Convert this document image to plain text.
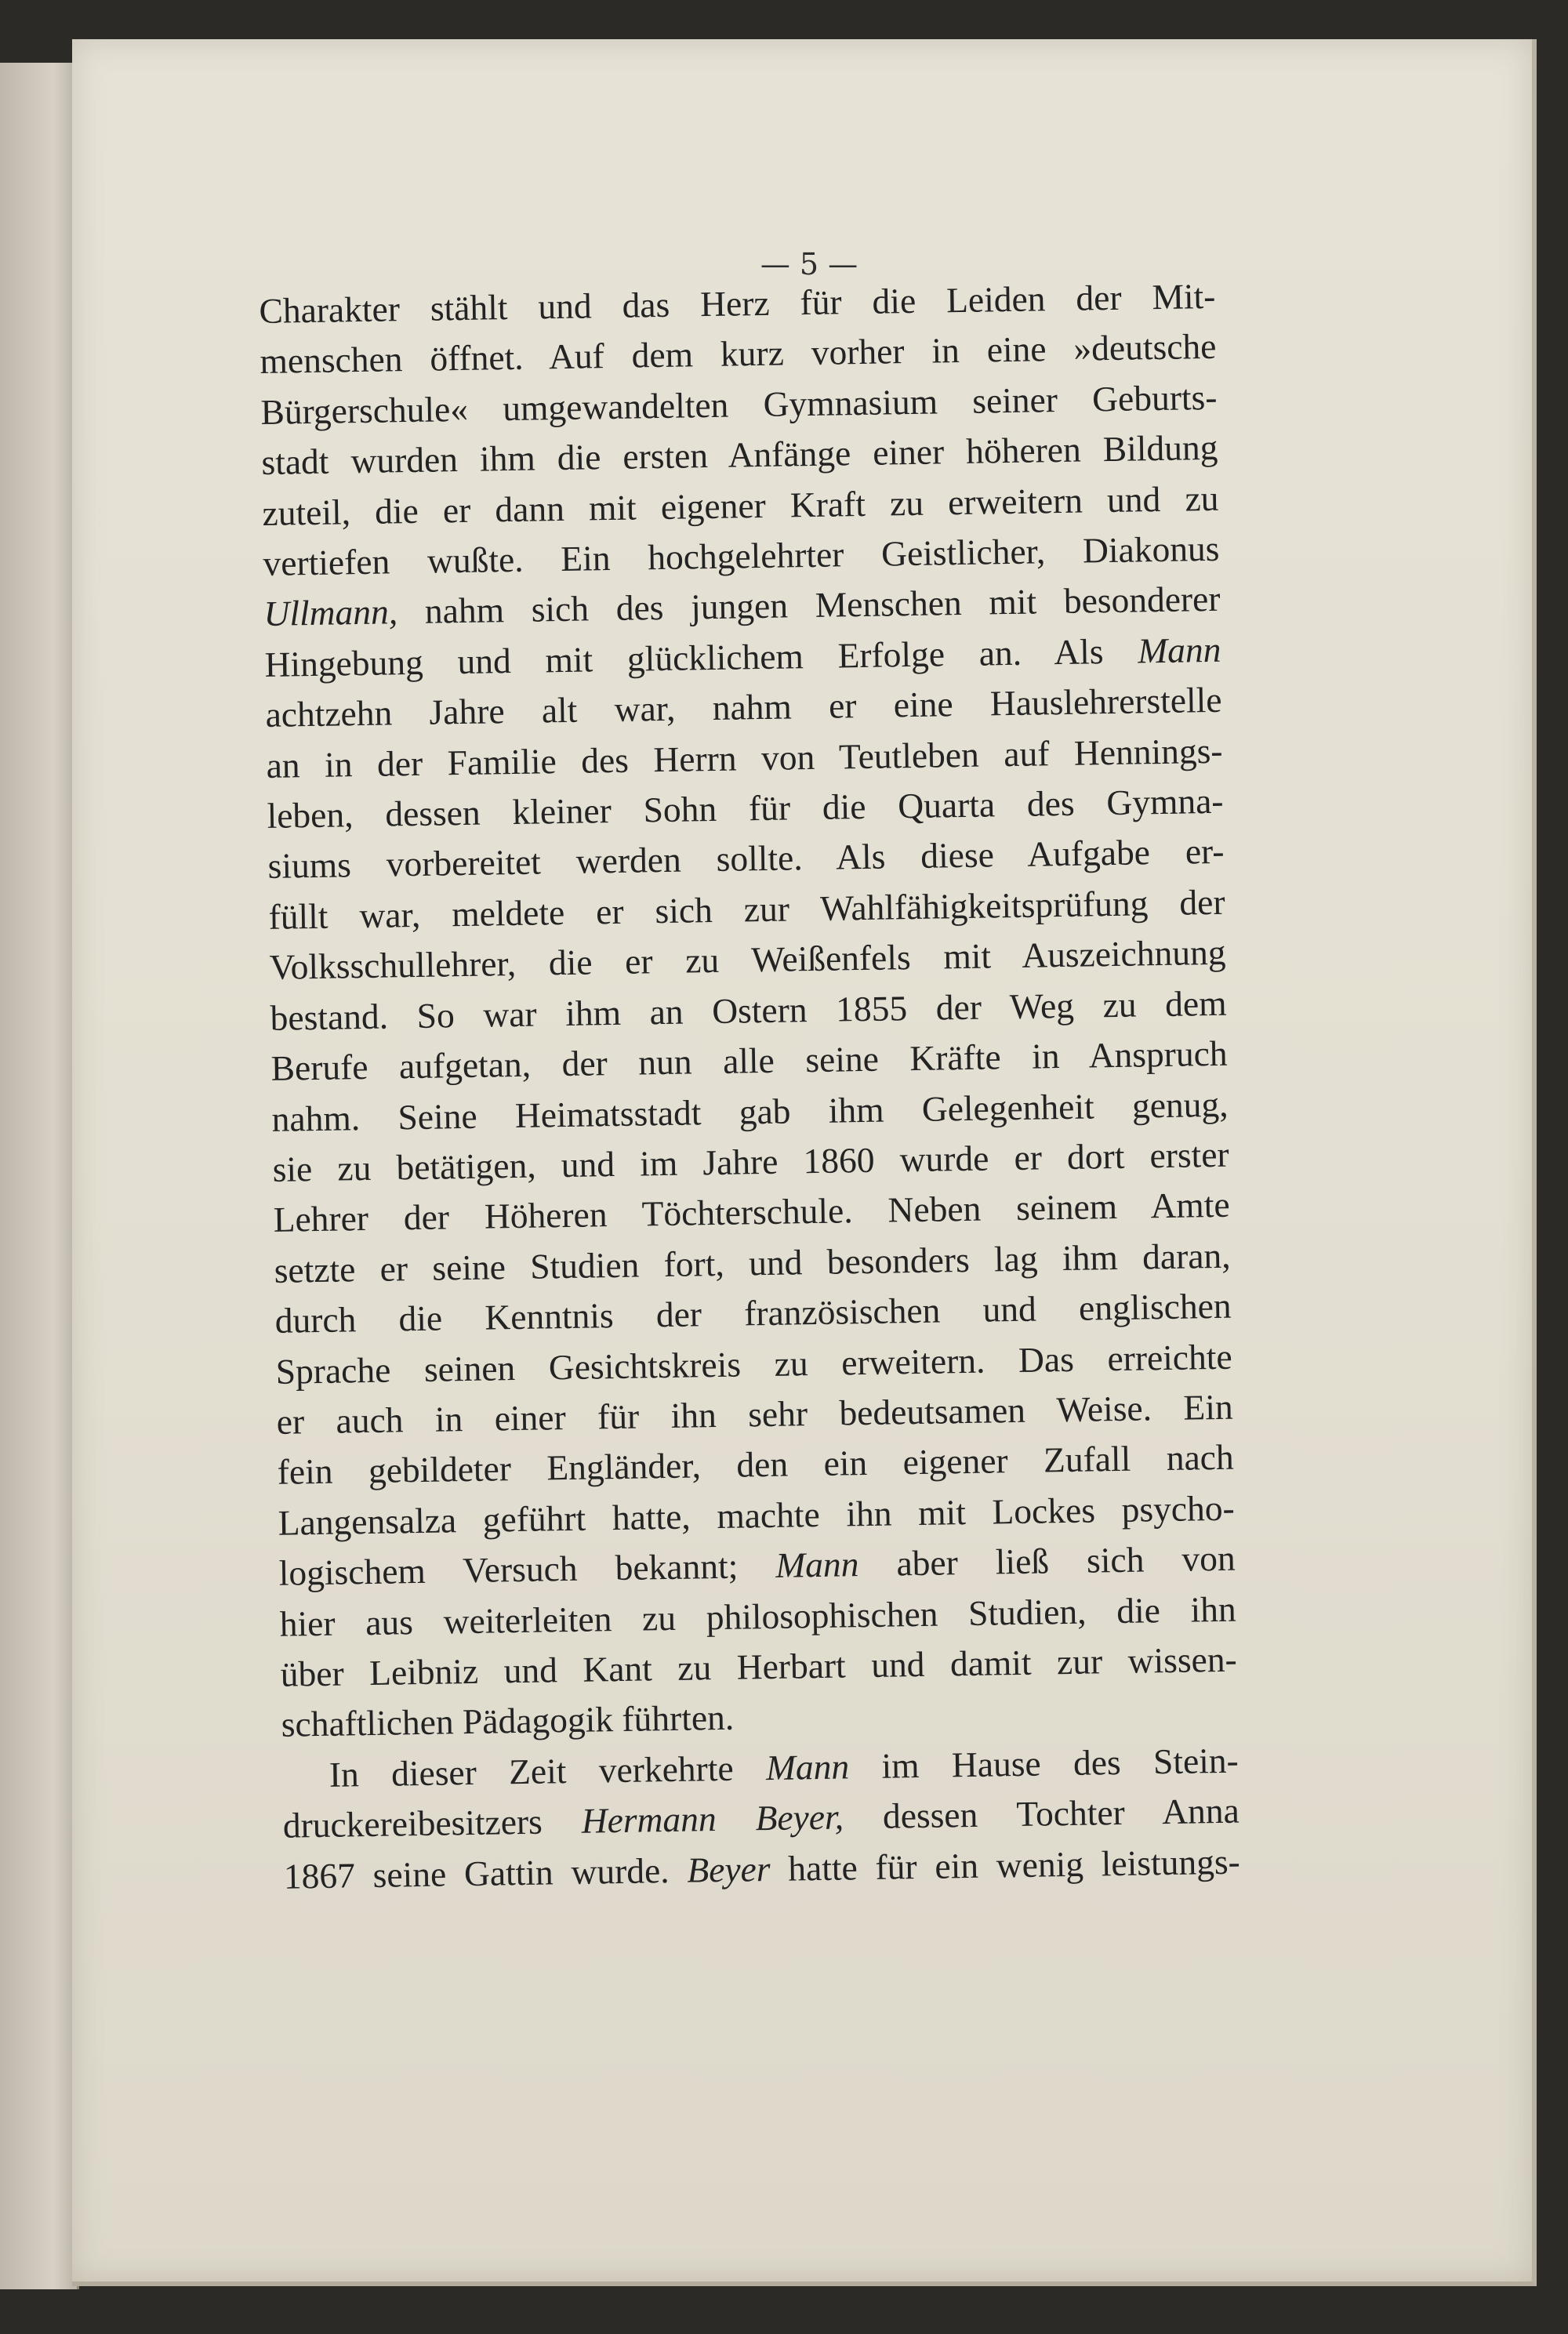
— 5 —
Charakter stählt und das Herz für die Leiden der Mit-
menschen öffnet. Auf dem kurz vorher in eine »deutsche
Bürgerschule« umgewandelten Gymnasium seiner Geburts-
stadt wurden ihm die ersten Anfänge einer höheren Bildung
zuteil, die er dann mit eigener Kraft zu erweitern und zu
vertiefen wußte. Ein hochgelehrter Geistlicher, Diakonus
Ullmann, nahm sich des jungen Menschen mit besonderer
Hingebung und mit glücklichem Erfolge an. Als Mann
achtzehn Jahre alt war, nahm er eine Hauslehrerstelle
an in der Familie des Herrn von Teutleben auf Hennings-
leben, dessen kleiner Sohn für die Quarta des Gymna-
siums vorbereitet werden sollte. Als diese Aufgabe er-
füllt war, meldete er sich zur Wahlfähigkeitsprüfung der
Volksschullehrer, die er zu Weißenfels mit Auszeichnung
bestand. So war ihm an Ostern 1855 der Weg zu dem
Berufe aufgetan, der nun alle seine Kräfte in Anspruch
nahm. Seine Heimatsstadt gab ihm Gelegenheit genug,
sie zu betätigen, und im Jahre 1860 wurde er dort erster
Lehrer der Höheren Töchterschule. Neben seinem Amte
setzte er seine Studien fort, und besonders lag ihm daran,
durch die Kenntnis der französischen und englischen
Sprache seinen Gesichtskreis zu erweitern. Das erreichte
er auch in einer für ihn sehr bedeutsamen Weise. Ein
fein gebildeter Engländer, den ein eigener Zufall nach
Langensalza geführt hatte, machte ihn mit Lockes psycho-
logischem Versuch bekannt; Mann aber ließ sich von
hier aus weiterleiten zu philosophischen Studien, die ihn
über Leibniz und Kant zu Herbart und damit zur wissen-
schaftlichen Pädagogik führten.
In dieser Zeit verkehrte Mann im Hause des Stein-
druckereibesitzers Hermann Beyer, dessen Tochter Anna
1867 seine Gattin wurde. Beyer hatte für ein wenig leistungs-
